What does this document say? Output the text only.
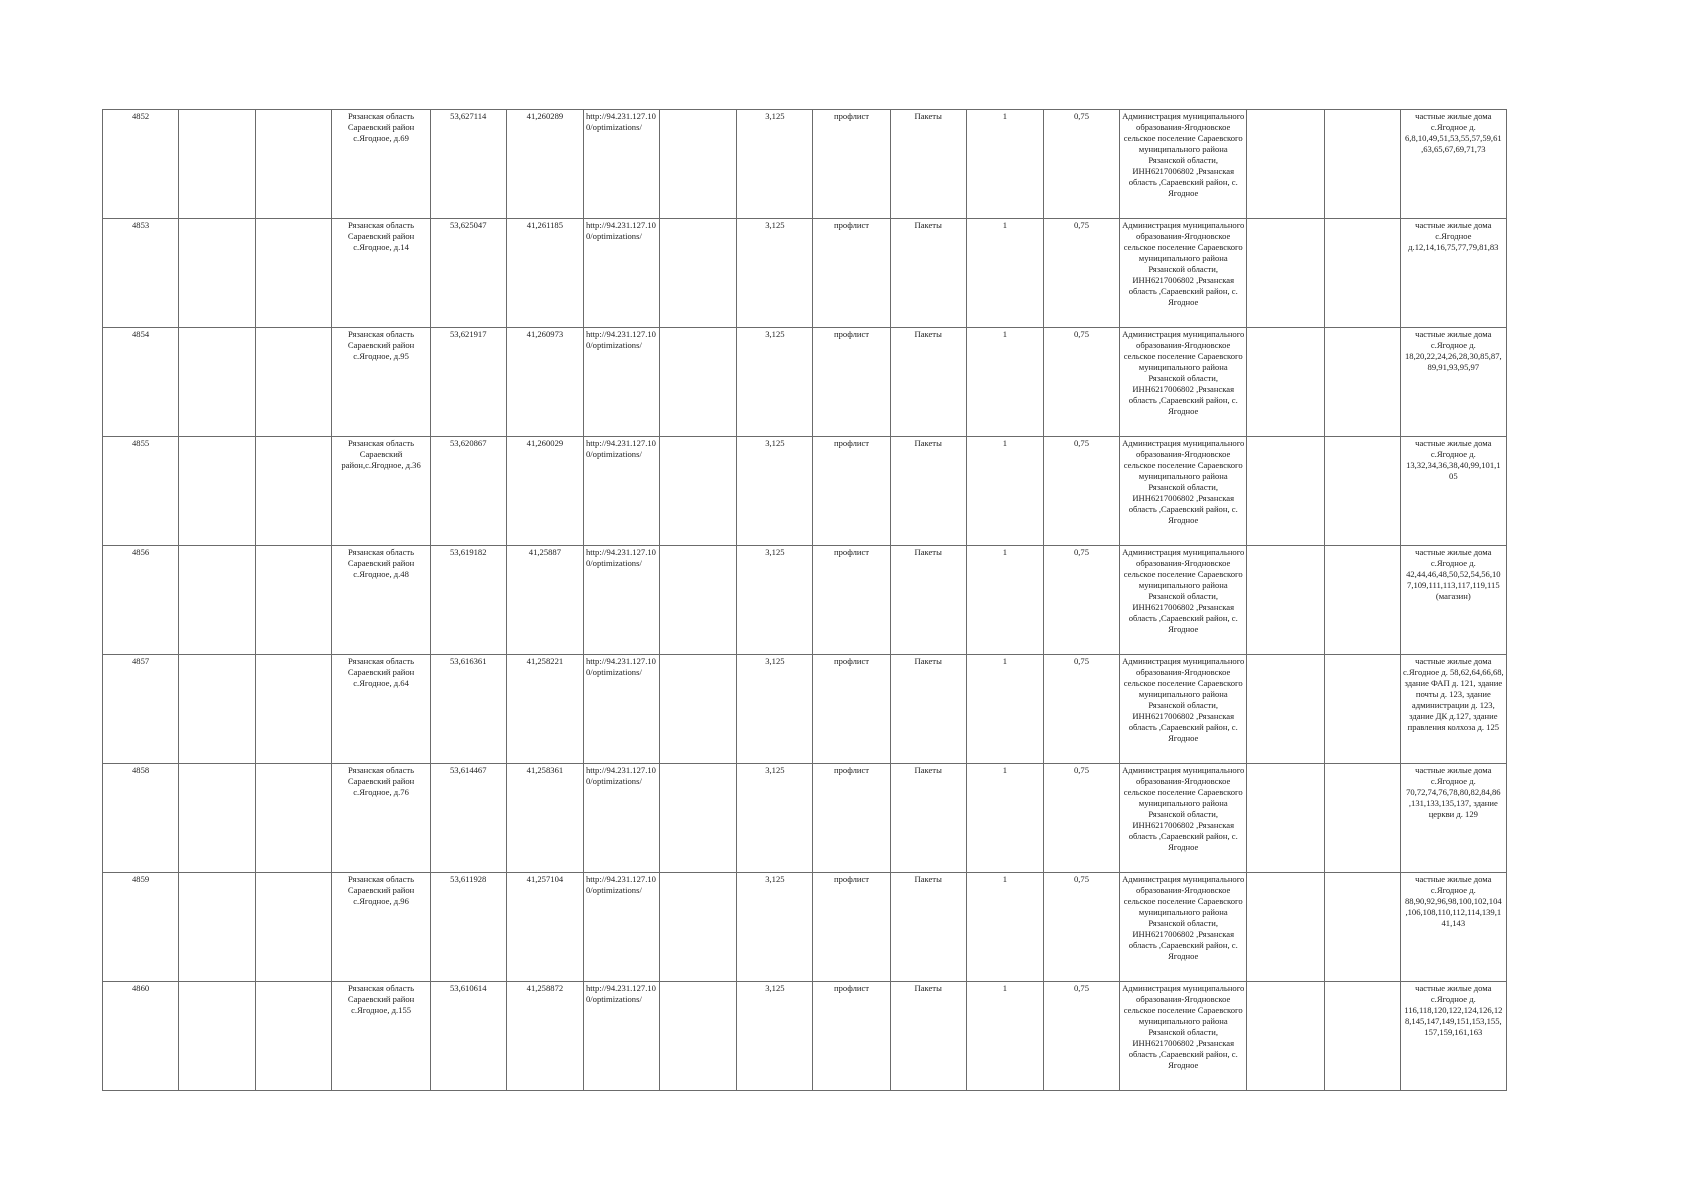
4852			Рязанская область Сараевский район с.Ягодное, д.69	53,627114	41,260289	http://94.231.127.10 0/optimizations/		3,125	профлист	Пакеты	1	0,75	Администрация муниципального образования-Ягодновское сельское поселение Сараевского муниципального района Рязанской области, ИНН6217006802 ,Рязанская область ,Сараевский район, с. Ягодное			частные жилые дома с.Ягодное д. 6,8,10,49,51,53,55,57,59,61 ,63,65,67,69,71,73
4853			Рязанская область Сараевский район с.Ягодное, д.14	53,625047	41,261185	http://94.231.127.10 0/optimizations/		3,125	профлист	Пакеты	1	0,75	Администрация муниципального образования-Ягодновское сельское поселение Сараевского муниципального района Рязанской области, ИНН6217006802 ,Рязанская область ,Сараевский район, с. Ягодное			частные жилые дома с.Ягодное д.12,14,16,75,77,79,81,83
4854			Рязанская область Сараевский район с.Ягодное, д.95	53,621917	41,260973	http://94.231.127.10 0/optimizations/		3,125	профлист	Пакеты	1	0,75	Администрация муниципального образования-Ягодновское сельское поселение Сараевского муниципального района Рязанской области, ИНН6217006802 ,Рязанская область ,Сараевский район, с. Ягодное			частные жилые дома с.Ягодное д. 18,20,22,24,26,28,30,85,87, 89,91,93,95,97
4855			Рязанская область Сараевский район,с.Ягодное, д.36	53,620867	41,260029	http://94.231.127.10 0/optimizations/		3,125	профлист	Пакеты	1	0,75	Администрация муниципального образования-Ягодновское сельское поселение Сараевского муниципального района Рязанской области, ИНН6217006802 ,Рязанская область ,Сараевский район, с. Ягодное			частные жилые дома с.Ягодное д. 13,32,34,36,38,40,99,101,1 05
4856			Рязанская область Сараевский район с.Ягодное, д.48	53,619182	41,25887	http://94.231.127.10 0/optimizations/		3,125	профлист	Пакеты	1	0,75	Администрация муниципального образования-Ягодновское сельское поселение Сараевского муниципального района Рязанской области, ИНН6217006802 ,Рязанская область ,Сараевский район, с. Ягодное			частные жилые дома с.Ягодное д. 42,44,46,48,50,52,54,56,10 7,109,111,113,117,119,115 (магазин)
4857			Рязанская область Сараевский район с.Ягодное, д.64	53,616361	41,258221	http://94.231.127.10 0/optimizations/		3,125	профлист	Пакеты	1	0,75	Администрация муниципального образования-Ягодновское сельское поселение Сараевского муниципального района Рязанской области, ИНН6217006802 ,Рязанская область ,Сараевский район, с. Ягодное			частные жилые дома с.Ягодное д. 58,62,64,66,68, здание ФАП д. 121, здание почты д. 123, здание администрации д. 123, здание ДК д.127, здание правления колхоза д. 125
4858			Рязанская область Сараевский район с.Ягодное, д.76	53,614467	41,258361	http://94.231.127.10 0/optimizations/		3,125	профлист	Пакеты	1	0,75	Администрация муниципального образования-Ягодновское сельское поселение Сараевского муниципального района Рязанской области, ИНН6217006802 ,Рязанская область ,Сараевский район, с. Ягодное			частные жилые дома с.Ягодное д. 70,72,74,76,78,80,82,84,86 ,131,133,135,137, здание церкви д. 129
4859			Рязанская область Сараевский район с.Ягодное, д.96	53,611928	41,257104	http://94.231.127.10 0/optimizations/		3,125	профлист	Пакеты	1	0,75	Администрация муниципального образования-Ягодновское сельское поселение Сараевского муниципального района Рязанской области, ИНН6217006802 ,Рязанская область ,Сараевский район, с. Ягодное			частные жилые дома с.Ягодное д. 88,90,92,96,98,100,102,104 ,106,108,110,112,114,139,1 41,143
4860			Рязанская область Сараевский район с.Ягодное, д.155	53,610614	41,258872	http://94.231.127.10 0/optimizations/		3,125	профлист	Пакеты	1	0,75	Администрация муниципального образования-Ягодновское сельское поселение Сараевского муниципального района Рязанской области, ИНН6217006802 ,Рязанская область ,Сараевский район, с. Ягодное			частные жилые дома с.Ягодное д. 116,118,120,122,124,126,12 8,145,147,149,151,153,155, 157,159,161,163
